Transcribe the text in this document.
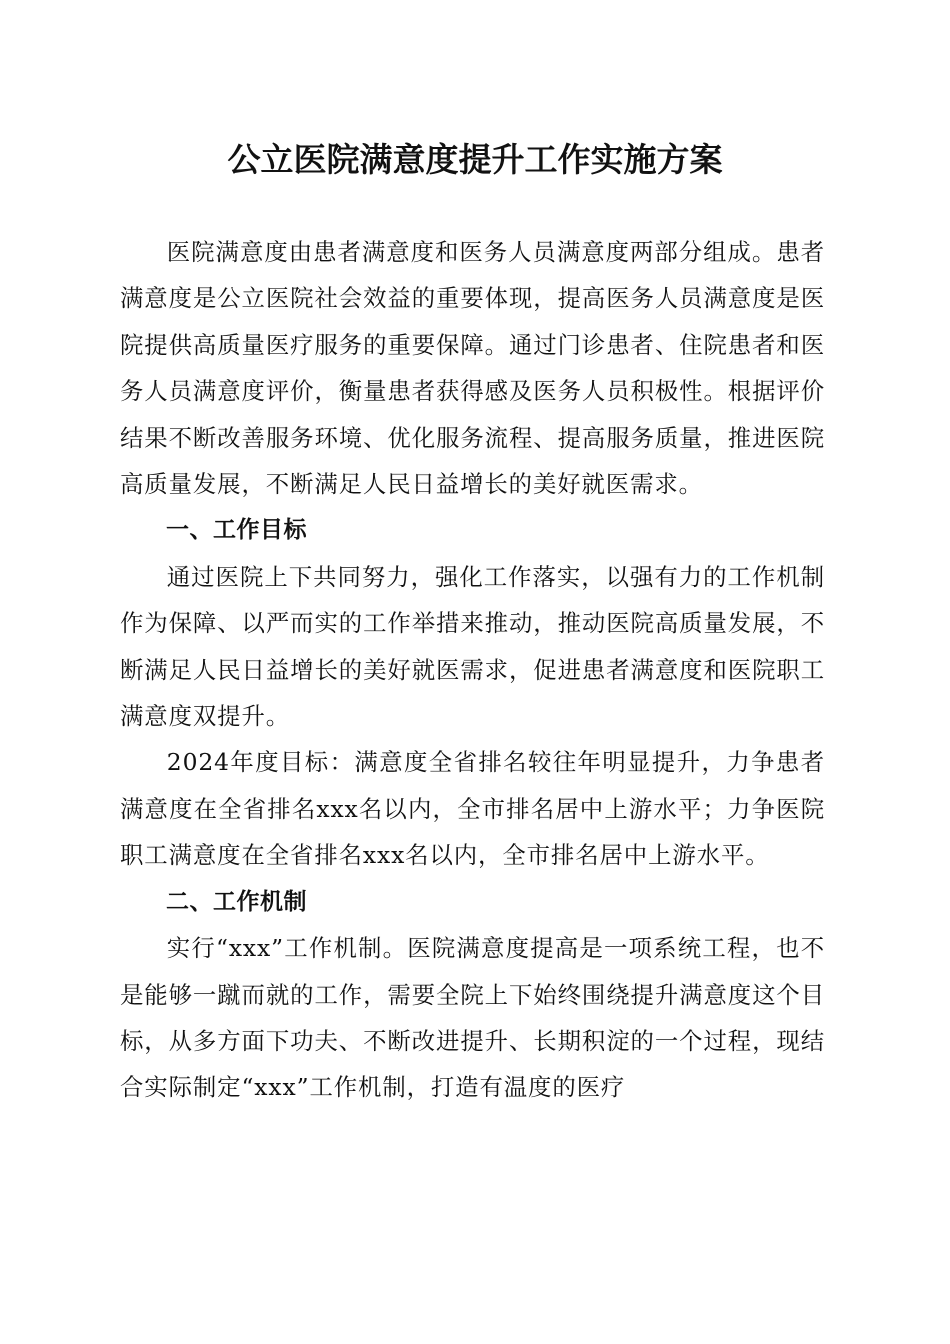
公立医院满意度提升工作实施方案

医院满意度由患者满意度和医务人员满意度两部分组成。患者满意度是公立医院社会效益的重要体现，提高医务人员满意度是医院提供高质量医疗服务的重要保障。通过门诊患者、住院患者和医务人员满意度评价，衡量患者获得感及医务人员积极性。根据评价结果不断改善服务环境、优化服务流程、提高服务质量，推进医院高质量发展，不断满足人民日益增长的美好就医需求。

一、工作目标

通过医院上下共同努力，强化工作落实，以强有力的工作机制作为保障、以严而实的工作举措来推动，推动医院高质量发展，不断满足人民日益增长的美好就医需求，促进患者满意度和医院职工满意度双提升。

2024年度目标：满意度全省排名较往年明显提升，力争患者满意度在全省排名xxx名以内，全市排名居中上游水平；力争医院职工满意度在全省排名xxx名以内，全市排名居中上游水平。

二、工作机制

实行“xxx”工作机制。医院满意度提高是一项系统工程，也不是能够一蹴而就的工作，需要全院上下始终围绕提升满意度这个目标，从多方面下功夫、不断改进提升、长期积淀的一个过程，现结合实际制定“xxx”工作机制，打造有温度的医疗
